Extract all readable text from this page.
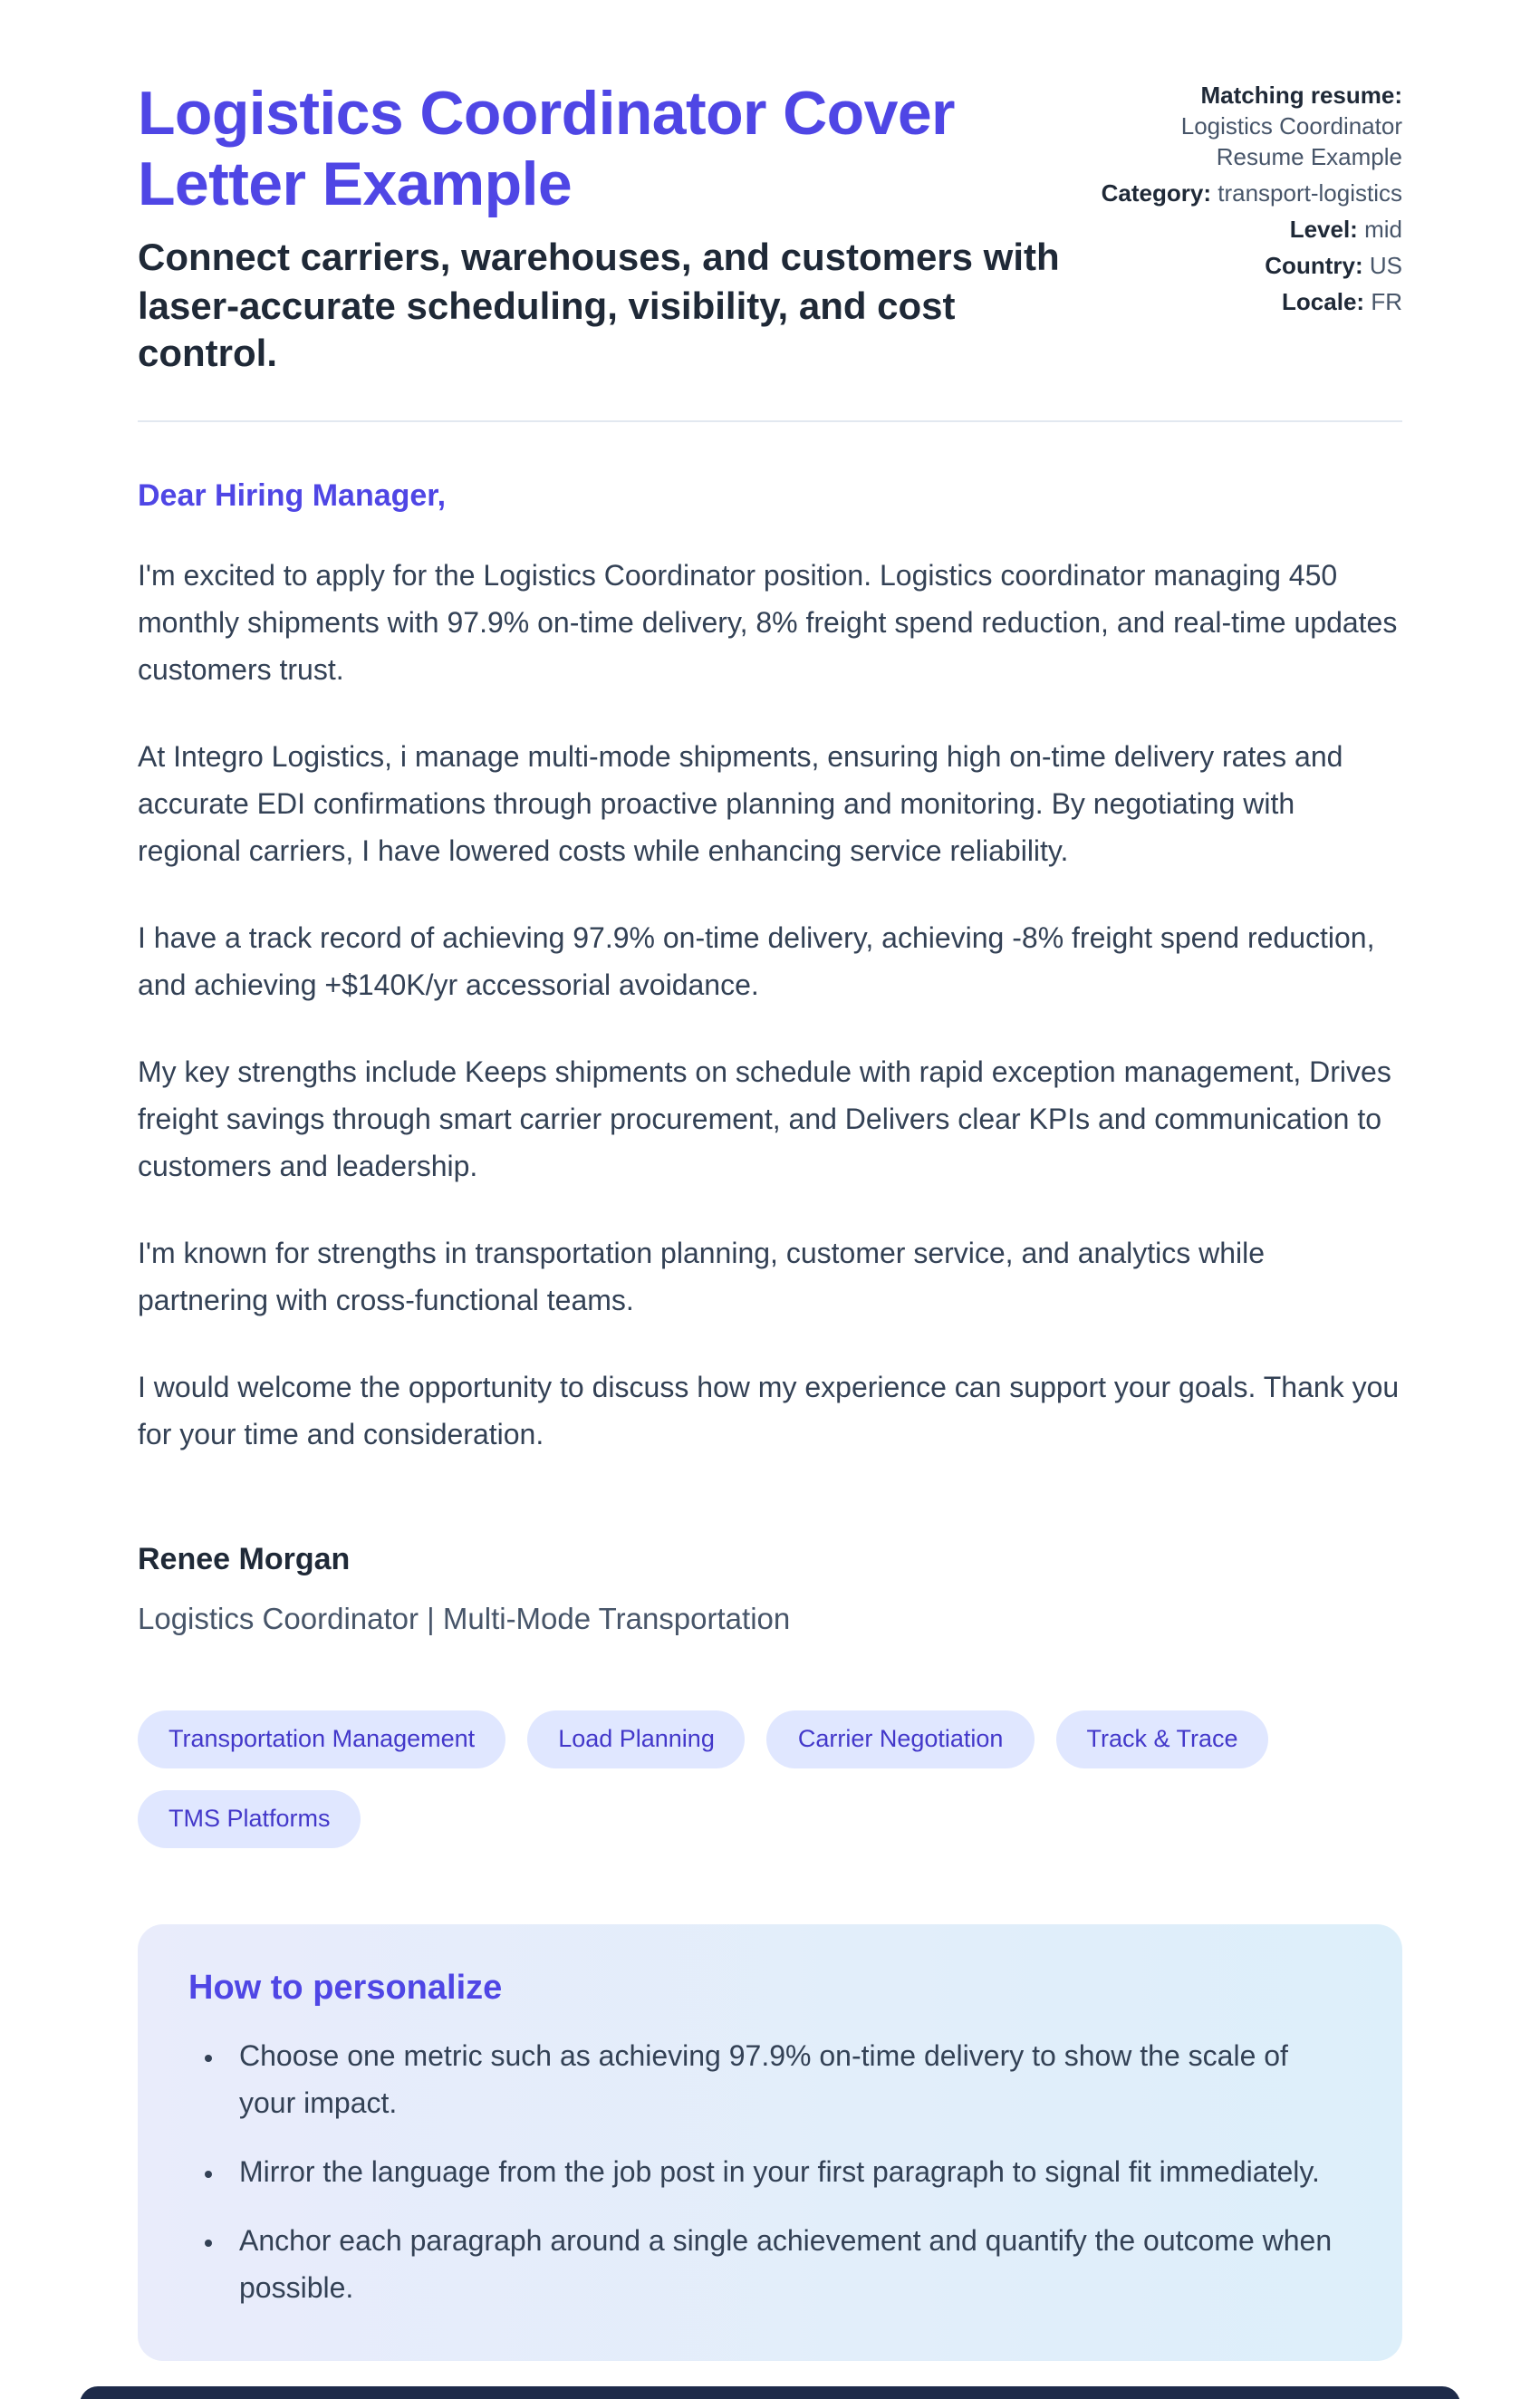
Logistics Coordinator Cover Letter Example

Connect carriers, warehouses, and customers with laser-accurate scheduling, visibility, and cost control.

Matching resume:
Logistics Coordinator Resume Example
Category: transport-logistics
Level: mid
Country: US
Locale: FR

Dear Hiring Manager,

I'm excited to apply for the Logistics Coordinator position. Logistics coordinator managing 450 monthly shipments with 97.9% on-time delivery, 8% freight spend reduction, and real-time updates customers trust.

At Integro Logistics, i manage multi-mode shipments, ensuring high on-time delivery rates and accurate EDI confirmations through proactive planning and monitoring. By negotiating with regional carriers, I have lowered costs while enhancing service reliability.

I have a track record of achieving 97.9% on-time delivery, achieving -8% freight spend reduction, and achieving +$140K/yr accessorial avoidance.

My key strengths include Keeps shipments on schedule with rapid exception management, Drives freight savings through smart carrier procurement, and Delivers clear KPIs and communication to customers and leadership.

I'm known for strengths in transportation planning, customer service, and analytics while partnering with cross-functional teams.

I would welcome the opportunity to discuss how my experience can support your goals. Thank you for your time and consideration.

Renee Morgan

Logistics Coordinator | Multi-Mode Transportation

Transportation Management	Load Planning	Carrier Negotiation	Track & Trace
TMS Platforms
How to personalize
• Choose one metric such as achieving 97.9% on-time delivery to show the scale of your impact.
• Mirror the language from the job post in your first paragraph to signal fit immediately.
• Anchor each paragraph around a single achievement and quantify the outcome when possible.
